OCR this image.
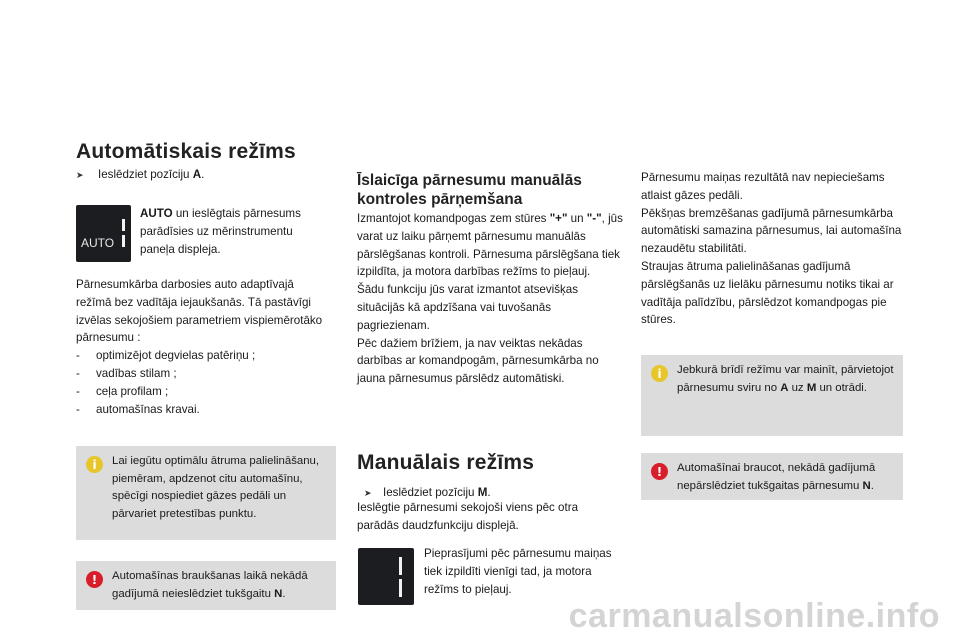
Automātiskais režīms
➤ Ieslēdziet pozīciju A.
AUTO
AUTO un ieslēgtais pārnesums parādīsies uz mērinstrumentu paneļa displeja.
Pārnesumkārba darbosies auto adaptīvajā režīmā bez vadītāja iejaukšanās. Tā pastāvīgi izvēlas sekojošiem parametriem vispiemērotāko pārnesumu :
- optimizējot degvielas patēriņu ;
- vadības stilam ;
- ceļa profilam ;
- automašīnas kravai.
i	Lai iegūtu optimālu ātruma palielināšanu, piemēram, apdzenot citu automašīnu, spēcīgi nospiediet gāzes pedāli un pārvariet pretestības punktu.
!	Automašīnas braukšanas laikā nekādā gadījumā neieslēdziet tukšgaitu N.
Īslaicīga pārnesumu manuālās kontroles pārņemšana
Izmantojot komandpogas zem stūres "+" un "-", jūs varat uz laiku pārņemt pārnesumu manuālās pārslēgšanas kontroli. Pārnesuma pārslēgšana tiek izpildīta, ja motora darbības režīms to pieļauj.
Šādu funkciju jūs varat izmantot atsevišķas situācijās kā apdzīšana vai tuvošanās pagriezienam.
Pēc dažiem brīžiem, ja nav veiktas nekādas darbības ar komandpogām, pārnesumkārba no jauna pārnesumus pārslēdz automātiski.
Manuālais režīms
➤ Ieslēdziet pozīciju M.
Ieslēgtie pārnesumi sekojoši viens pēc otra parādās daudzfunkciju displejā.
Pieprasījumi pēc pārnesumu maiņas tiek izpildīti vienīgi tad, ja motora režīms to pieļauj.
Pārnesumu maiņas rezultātā nav nepieciešams atlaist gāzes pedāli.
Pēkšņas bremzēšanas gadījumā pārnesumkārba automātiski samazina pārnesumus, lai automašīna nezaudētu stabilitāti.
Straujas ātruma palielināšanas gadījumā pārslēgšanās uz lielāku pārnesumu notiks tikai ar vadītāja palīdzību, pārslēdzot komandpogas pie stūres.
i	Jebkurā brīdī režīmu var mainīt, pārvietojot pārnesumu sviru no A uz M un otrādi.
!	Automašīnai braucot, nekādā gadījumā nepārslēdziet tukšgaitas pārnesumu N.
carmanualsonline.info
